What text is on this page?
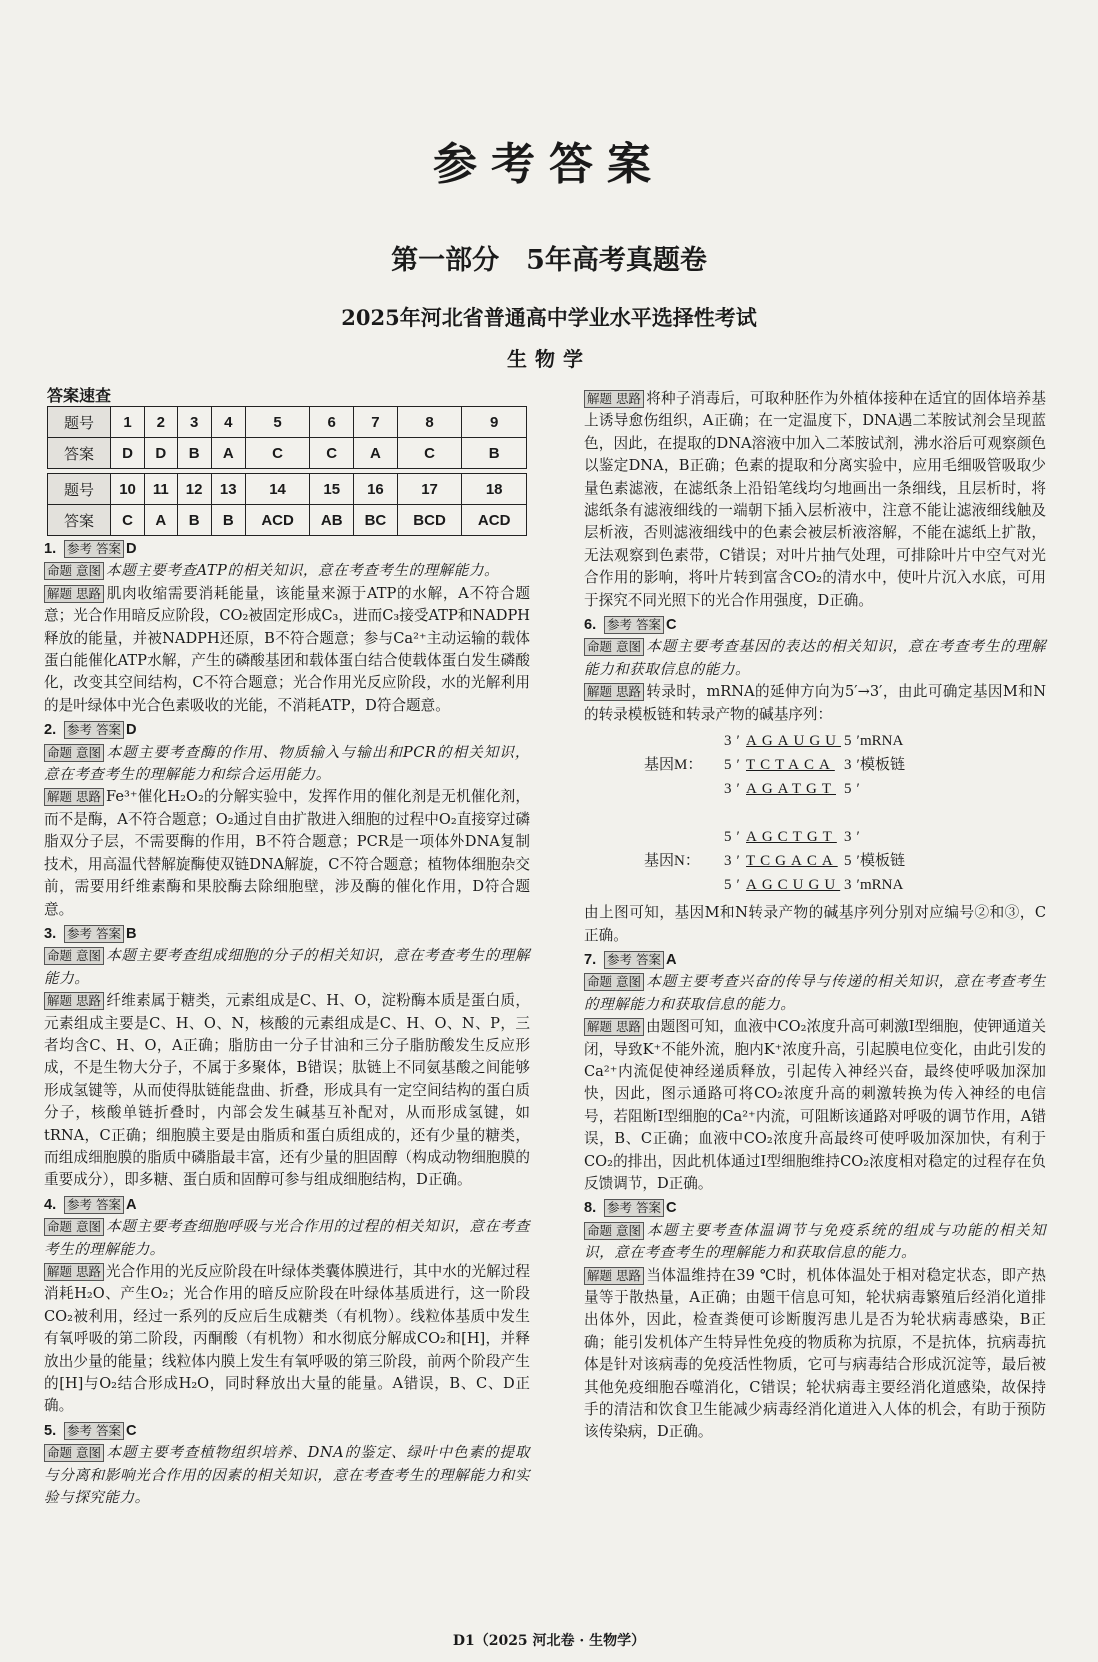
参考答案
第一部分　5年高考真题卷
2025年河北省普通高中学业水平选择性考试
生物学
答案速查
题号	1	2	3	4	5	6	7	8	9
答案	D	D	B	A	C	C	A	C	B

题号	10	11	12	13	14	15	16	17	18
答案	C	A	B	B	ACD	AB	BC	BCD	ACD
1. 参考 答案 D
命题 意图 本题主要考查ATP的相关知识，意在考查考生的理解能力。
解题 思路 肌肉收缩需要消耗能量，该能量来源于ATP的水解，A不符合题意；光合作用暗反应阶段，CO₂被固定形成C₃，进而C₃接受ATP和NADPH释放的能量，并被NADPH还原，B不符合题意；参与Ca²⁺主动运输的载体蛋白能催化ATP水解，产生的磷酸基团和载体蛋白结合使载体蛋白发生磷酸化，改变其空间结构，C不符合题意；光合作用光反应阶段，水的光解利用的是叶绿体中光合色素吸收的光能，不消耗ATP，D符合题意。
2. 参考 答案 D
命题 意图 本题主要考查酶的作用、物质输入与输出和PCR的相关知识，意在考查考生的理解能力和综合运用能力。
解题 思路 Fe³⁺催化H₂O₂的分解实验中，发挥作用的催化剂是无机催化剂，而不是酶，A不符合题意；O₂通过自由扩散进入细胞的过程中O₂直接穿过磷脂双分子层，不需要酶的作用，B不符合题意；PCR是一项体外DNA复制技术，用高温代替解旋酶使双链DNA解旋，C不符合题意；植物体细胞杂交前，需要用纤维素酶和果胶酶去除细胞壁，涉及酶的催化作用，D符合题意。
3. 参考 答案 B
命题 意图 本题主要考查组成细胞的分子的相关知识，意在考查考生的理解能力。
解题 思路 纤维素属于糖类，元素组成是C、H、O，淀粉酶本质是蛋白质，元素组成主要是C、H、O、N，核酸的元素组成是C、H、O、N、P，三者均含C、H、O，A正确；脂肪由一分子甘油和三分子脂肪酸发生反应形成，不是生物大分子，不属于多聚体，B错误；肽链上不同氨基酸之间能够形成氢键等，从而使得肽链能盘曲、折叠，形成具有一定空间结构的蛋白质分子，核酸单链折叠时，内部会发生碱基互补配对，从而形成氢键，如tRNA，C正确；细胞膜主要是由脂质和蛋白质组成的，还有少量的糖类，而组成细胞膜的脂质中磷脂最丰富，还有少量的胆固醇（构成动物细胞膜的重要成分），即多糖、蛋白质和固醇可参与组成细胞结构，D正确。
4. 参考 答案 A
命题 意图 本题主要考查细胞呼吸与光合作用的过程的相关知识，意在考查考生的理解能力。
解题 思路 光合作用的光反应阶段在叶绿体类囊体膜进行，其中水的光解过程消耗H₂O、产生O₂；光合作用的暗反应阶段在叶绿体基质进行，这一阶段CO₂被利用，经过一系列的反应后生成糖类（有机物）。线粒体基质中发生有氧呼吸的第二阶段，丙酮酸（有机物）和水彻底分解成CO₂和[H]，并释放出少量的能量；线粒体内膜上发生有氧呼吸的第三阶段，前两个阶段产生的[H]与O₂结合形成H₂O，同时释放出大量的能量。A错误，B、C、D正确。
5. 参考 答案 C
命题 意图 本题主要考查植物组织培养、DNA的鉴定、绿叶中色素的提取与分离和影响光合作用的因素的相关知识，意在考查考生的理解能力和实验与探究能力。
解题 思路 将种子消毒后，可取种胚作为外植体接种在适宜的固体培养基上诱导愈伤组织，A正确；在一定温度下，DNA遇二苯胺试剂会呈现蓝色，因此，在提取的DNA溶液中加入二苯胺试剂，沸水浴后可观察颜色以鉴定DNA，B正确；色素的提取和分离实验中，应用毛细吸管吸取少量色素滤液，在滤纸条上沿铅笔线均匀地画出一条细线，且层析时，将滤纸条有滤液细线的一端朝下插入层析液中，注意不能让滤液细线触及层析液，否则滤液细线中的色素会被层析液溶解，不能在滤纸上扩散，无法观察到色素带，C错误；对叶片抽气处理，可排除叶片中空气对光合作用的影响，将叶片转到富含CO₂的清水中，使叶片沉入水底，可用于探究不同光照下的光合作用强度，D正确。
6. 参考 答案 C
命题 意图 本题主要考查基因的表达的相关知识，意在考查考生的理解能力和获取信息的能力。
解题 思路 转录时，mRNA的延伸方向为5′→3′，由此可确定基因M和N的转录模板链和转录产物的碱基序列：
3′ AGAUGU 5′
mRNA
基因M： 5′ TCTACA 3′
模板链
3′ AGATGT 5′
5′ AGCTGT 3′
基因N： 3′ TCGACA 5′
模板链
5′ AGCUGU 3′
mRNA
由上图可知，基因M和N转录产物的碱基序列分别对应编号②和③，C正确。
7. 参考 答案 A
命题 意图 本题主要考查兴奋的传导与传递的相关知识，意在考查考生的理解能力和获取信息的能力。
解题 思路 由题图可知，血液中CO₂浓度升高可刺激Ⅰ型细胞，使钾通道关闭，导致K⁺不能外流，胞内K⁺浓度升高，引起膜电位变化，由此引发的Ca²⁺内流促使神经递质释放，引起传入神经兴奋，最终使呼吸加深加快，因此，图示通路可将CO₂浓度升高的刺激转换为传入神经的电信号，若阻断Ⅰ型细胞的Ca²⁺内流，可阻断该通路对呼吸的调节作用，A错误，B、C正确；血液中CO₂浓度升高最终可使呼吸加深加快，有利于CO₂的排出，因此机体通过Ⅰ型细胞维持CO₂浓度相对稳定的过程存在负反馈调节，D正确。
8. 参考 答案 C
命题 意图 本题主要考查体温调节与免疫系统的组成与功能的相关知识，意在考查考生的理解能力和获取信息的能力。
解题 思路 当体温维持在39 ℃时，机体体温处于相对稳定状态，即产热量等于散热量，A正确；由题干信息可知，轮状病毒繁殖后经消化道排出体外，因此，检查粪便可诊断腹泻患儿是否为轮状病毒感染，B正确；能引发机体产生特异性免疫的物质称为抗原，不是抗体，抗病毒抗体是针对该病毒的免疫活性物质，它可与病毒结合形成沉淀等，最后被其他免疫细胞吞噬消化，C错误；轮状病毒主要经消化道感染，故保持手的清洁和饮食卫生能减少病毒经消化道进入人体的机会，有助于预防该传染病，D正确。
D1（2025 河北卷 · 生物学）
